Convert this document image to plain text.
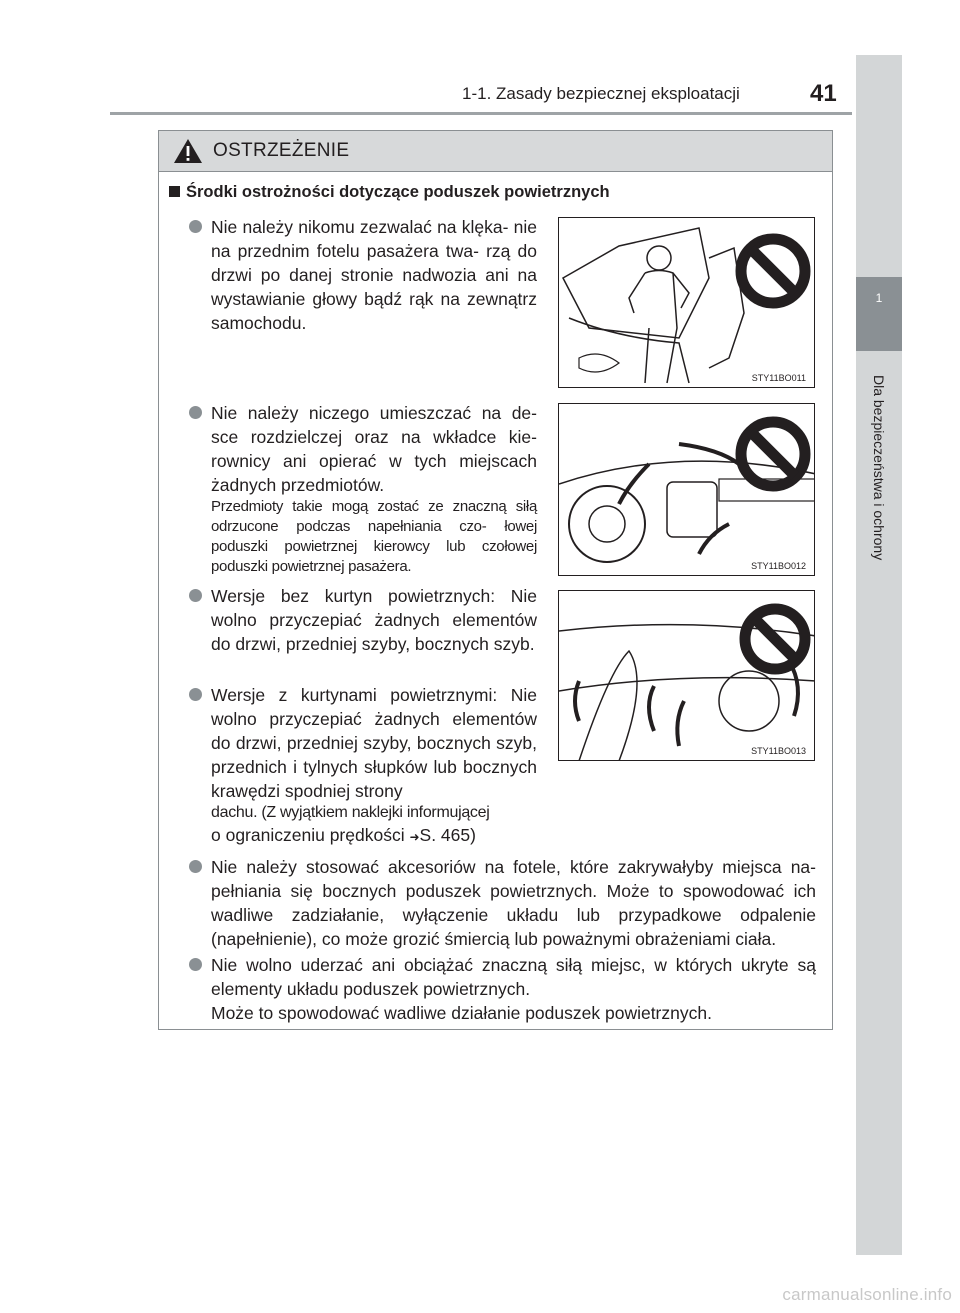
1-1. Zasady bezpiecznej eksploatacji	41
1
Dla bezpieczeństwa i ochrony
OSTRZEŻENIE
Środki ostrożności dotyczące poduszek powietrznych
Nie należy nikomu zezwalać na klęka- nie na przednim fotelu pasażera twa- rzą do drzwi po danej stronie nadwozia ani na wystawianie głowy bądź rąk na zewnątrz samochodu.
STY11BO011
Nie należy niczego umieszczać na de- sce rozdzielczej oraz na wkładce kie- rownicy ani opierać w tych miejscach żadnych przedmiotów.
Przedmioty takie mogą zostać ze znaczną siłą odrzucone podczas napełniania czo- łowej poduszki powietrznej kierowcy lub czołowej poduszki powietrznej pasażera.	STY11BO012
Wersje bez kurtyn powietrznych: Nie wolno przyczepiać żadnych elementów do drzwi, przedniej szyby, bocznych szyb.
STY11BO013
Wersje z kurtynami powietrznymi: Nie wolno przyczepiać żadnych elementów do drzwi, przedniej szyby, bocznych szyb, przednich i tylnych słupków lub bocznych krawędzi spodniej strony
dachu. (Z wyjątkiem naklejki informującej
o ograniczeniu prędkości ➜S. 465)
Nie należy stosować akcesoriów na fotele, które zakrywałyby miejsca na- pełniania się bocznych poduszek powietrznych. Może to spowodować ich wadliwe zadziałanie, wyłączenie układu lub przypadkowe odpalenie (napełnienie), co może grozić śmiercią lub poważnymi obrażeniami ciała.
Nie wolno uderzać ani obciążać znaczną siłą miejsc, w których ukryte są elementy układu poduszek powietrznych.
Może to spowodować wadliwe działanie poduszek powietrznych.
carmanualsonline.info
